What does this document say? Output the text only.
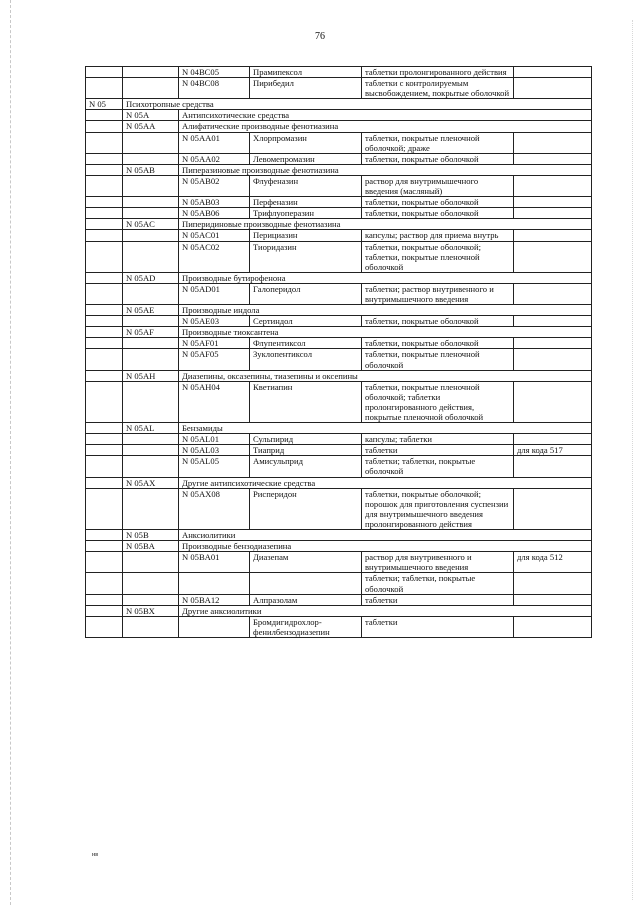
76
		N 04BC05	Прамипексол	таблетки пролонгированного действия	
		N 04BC08	Пирибедил	таблетки с контролируемым высвобождением, покрытые оболочкой	
N 05	Психотропные средства				
	N 05A	Антипсихотические средства			
	N 05AA	Алифатические производные фенотиазина			
		N 05AA01	Хлорпромазин	таблетки, покрытые пленочной оболочкой; драже	
		N 05AA02	Левомепромазин	таблетки, покрытые оболочкой	
	N 05AB	Пиперазиновые производные фенотиазина			
		N 05AB02	Флуфеназин	раствор для внутримышечного введения (масляный)	
		N 05AB03	Перфеназин	таблетки, покрытые оболочкой	
		N 05AB06	Трифлуоперазин	таблетки, покрытые оболочкой	
	N 05AC	Пиперидиновые производные фенотиазина			
		N 05AC01	Перициазин	капсулы; раствор для приема внутрь	
		N 05AC02	Тиоридазин	таблетки, покрытые оболочкой; таблетки, покрытые пленочной оболочкой	
	N 05AD	Производные бутирофенона			
		N 05AD01	Галоперидол	таблетки; раствор внутривенного и внутримышечного введения	
	N 05AE	Производные индола			
		N 05AE03	Сертиндол	таблетки, покрытые оболочкой	
	N 05AF	Производные тиоксантена			
		N 05AF01	Флупентиксол	таблетки, покрытые оболочкой	
		N 05AF05	Зуклопентиксол	таблетки, покрытые пленочной оболочкой	
	N 05AH	Диазепины, оксазепины, тиазепины и оксепины			
		N 05AH04	Кветиапин	таблетки, покрытые пленочной оболочкой; таблетки пролонгированного действия, покрытые пленочной оболочкой	
	N 05AL	Бензамиды			
		N 05AL01	Сульпирид	капсулы; таблетки	
		N 05AL03	Тиаприд	таблетки	для кода 517
		N 05AL05	Амисульприд	таблетки; таблетки, покрытые оболочкой	
	N 05AX	Другие антипсихотические средства			
		N 05AX08	Рисперидон	таблетки, покрытые оболочкой; порошок для приготовления суспензии для внутримышечного введения пролонгированного действия	
	N 05B	Анксиолитики			
	N 05BA	Производные бензодиазепина			
		N 05BA01	Диазепам	раствор для внутривенного и внутримышечного введения	для кода 512
				таблетки; таблетки, покрытые оболочкой	
		N 05BA12	Алпразолам	таблетки	
	N 05BX	Другие анксиолитики			
			Бромдигидрохлор-фенилбензодиазепин	таблетки	
нв
